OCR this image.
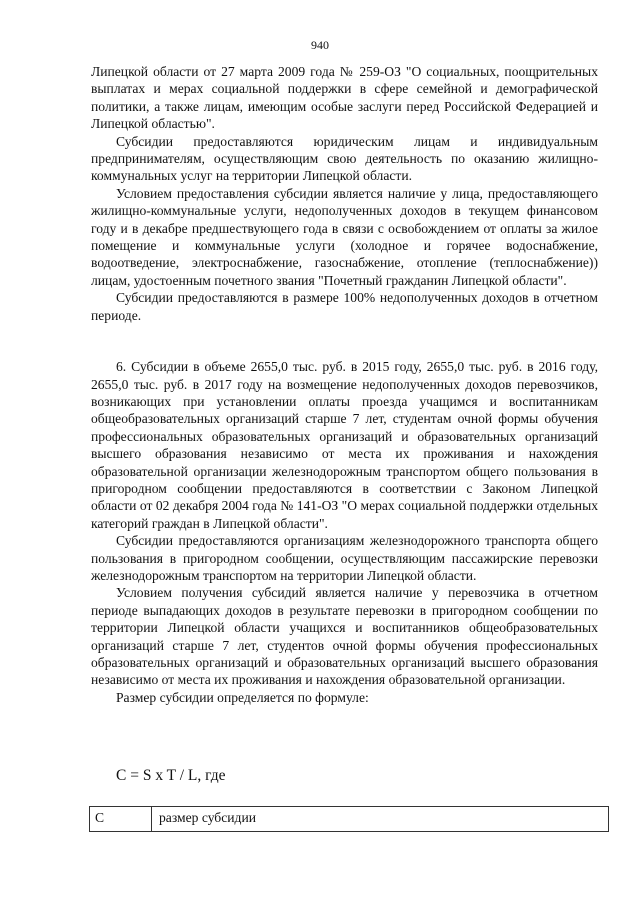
940

Липецкой области от 27 марта 2009 года № 259-ОЗ "О социальных, поощрительных выплатах и мерах социальной поддержки в сфере семейной и демографической политики, а также лицам, имеющим особые заслуги перед Российской Федерацией и Липецкой областью".

Субсидии предоставляются юридическим лицам и индивидуальным предпринимателям, осуществляющим свою деятельность по оказанию жилищно-коммунальных услуг на территории Липецкой области.

Условием предоставления субсидии является наличие у лица, предоставляющего жилищно-коммунальные услуги, недополученных доходов в текущем финансовом году и в декабре предшествующего года в связи с освобождением от оплаты за жилое помещение и коммунальные услуги (холодное и горячее водоснабжение, водоотведение, электроснабжение, газоснабжение, отопление (теплоснабжение)) лицам, удостоенным почетного звания "Почетный гражданин Липецкой области".

Субсидии предоставляются в размере 100% недополученных доходов в отчетном периоде.

6. Субсидии в объеме 2655,0 тыс. руб. в 2015 году, 2655,0 тыс. руб. в 2016 году, 2655,0 тыс. руб. в 2017 году на возмещение недополученных доходов перевозчиков, возникающих при установлении оплаты проезда учащимся и воспитанникам общеобразовательных организаций старше 7 лет, студентам очной формы обучения профессиональных образовательных организаций и образовательных организаций высшего образования независимо от места их проживания и нахождения образовательной организации железнодорожным транспортом общего пользования в пригородном сообщении предоставляются в соответствии с Законом Липецкой области от 02 декабря 2004 года № 141-ОЗ "О мерах социальной поддержки отдельных категорий граждан в Липецкой области".

Субсидии предоставляются организациям железнодорожного транспорта общего пользования в пригородном сообщении, осуществляющим пассажирские перевозки железнодорожным транспортом на территории Липецкой области.

Условием получения субсидий является наличие у перевозчика в отчетном периоде выпадающих доходов в результате перевозки в пригородном сообщении по территории Липецкой области учащихся и воспитанников общеобразовательных организаций старше 7 лет, студентов очной формы обучения профессиональных образовательных организаций и образовательных организаций высшего образования независимо от места их проживания и нахождения образовательной организации.

Размер субсидии определяется по формуле:

С = S x T / L, где
С	размер субсидии
